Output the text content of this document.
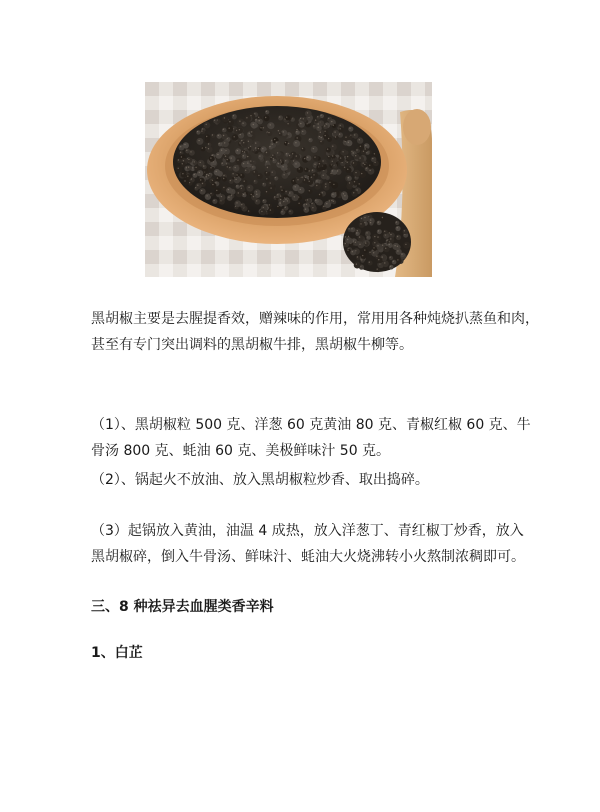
黑胡椒主要是去腥提香效，赠辣味的作用，常用用各种炖烧扒蒸鱼和肉，
甚至有专门突出调料的黑胡椒牛排，黑胡椒牛柳等。

（1）、黑胡椒粒 500 克、洋葱 60 克黄油 80 克、青椒红椒 60 克、牛
骨汤 800 克、蚝油 60 克、美极鲜味汁 50 克。

（2）、锅起火不放油、放入黑胡椒粒炒香、取出捣碎。

（3）起锅放入黄油，油温 4 成热，放入洋葱丁、青红椒丁炒香，放入
黑胡椒碎，倒入牛骨汤、鲜味汁、蚝油大火烧沸转小火熬制浓稠即可。

三、8 种祛异去血腥类香辛料
1、白芷
